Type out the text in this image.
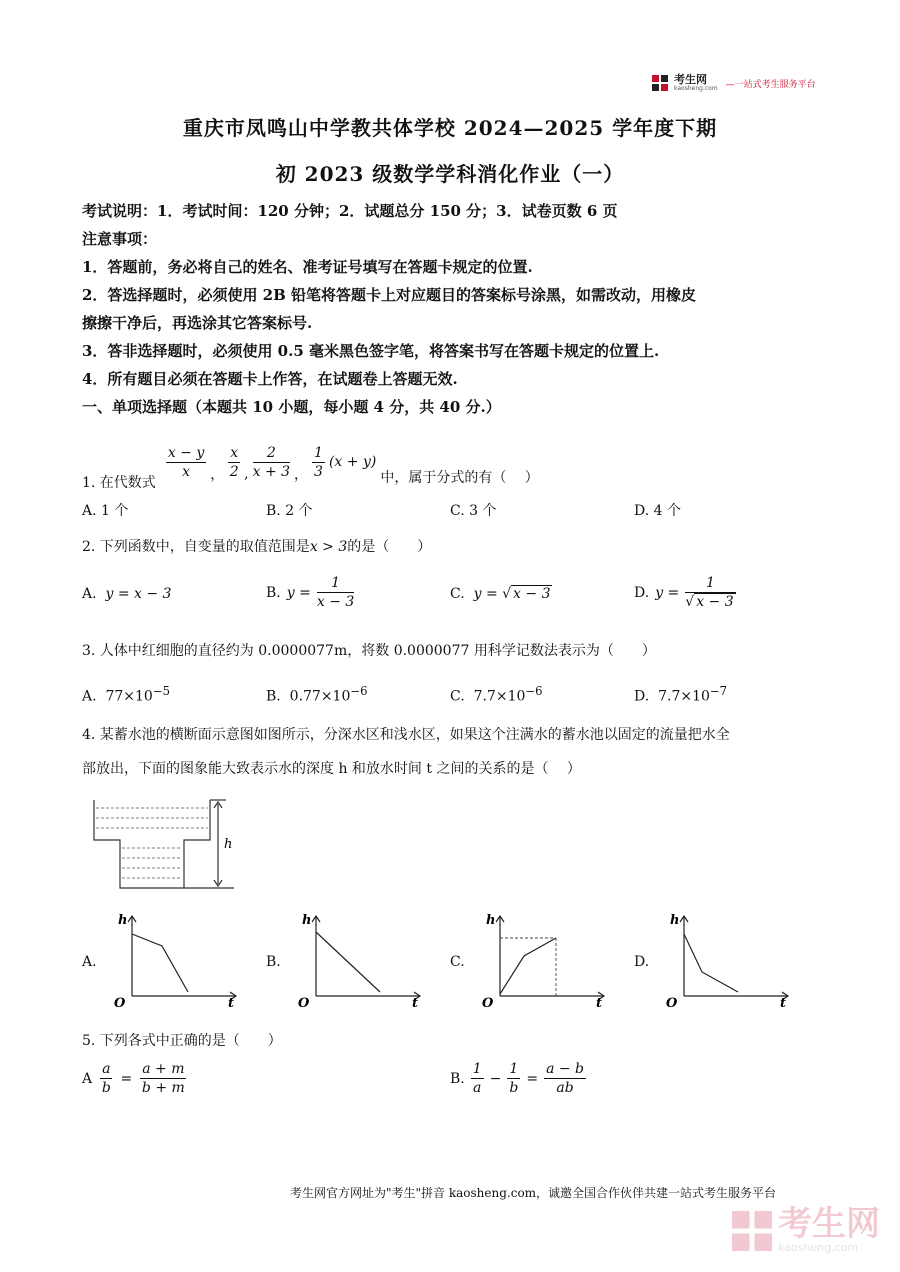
考生网
kaosheng.com —一站式考生服务平台
重庆市凤鸣山中学教共体学校 2024—2025 学年度下期
初 2023 级数学学科消化作业（一）
考试说明：1．考试时间：120 分钟；2．试题总分 150 分；3．试卷页数 6 页
注意事项：
1．答题前，务必将自己的姓名、准考证号填写在答题卡规定的位置.
2．答选择题时，必须使用 2B 铅笔将答题卡上对应题目的答案标号涂黑，如需改动，用橡皮
擦擦干净后，再选涂其它答案标号.
3．答非选择题时，必须使用 0.5 毫米黑色签字笔，将答案书写在答题卡规定的位置上.
4．所有题目必须在答题卡上作答，在试题卷上答题无效.
一、单项选择题（本题共 10 小题，每小题 4 分，共 40 分.）
1. 在代数式
$\frac{x - y}{x}$ ， $\frac{x}{2}$ , $\frac{2}{x + 3}$ ， $\frac{1}{3} (x + y)$
中，属于分式的有（　 ）
A. 1 个	B. 2 个	C. 3 个	D. 4 个
2. 下列函数中，自变量的取值范围是x > 3的是（　　）
A. y = x − 3	B. $y = \frac{1}{x - 3}$	C. y = √ x − 3	D. $y = \frac{1}{√ x - 3}$
3. 人体中红细胞的直径约为 0.0000077m，将数 0.0000077 用科学记数法表示为（　　）
A. $77\times 10^{-5}$	B. $0.77\times 10^{-6}$	C. $7.7\times 10^{-6}$	D. $7.7\times 10^{-7}$
4. 某蓄水池的横断面示意图如图所示，分深水区和浅水区，如果这个注满水的蓄水池以固定的流量把水全
部放出，下面的图象能大致表示水的深度 h 和放水时间 t 之间的关系的是（　 ）
h
A.
h
t
O
B.
h
t
O
C.
h
t
O
D.
h
t
O
5. 下列各式中正确的是（　　）
A $\frac{a}{b} = \frac{a + m}{b + m}$	B. $\frac{1}{a} - \frac{1}{b} = \frac{a - b}{ab}$
考生网官方网址为"考生"拼音 kaosheng.com，诚邀全国合作伙伴共建一站式考生服务平台
考生网
kaosheng.com
